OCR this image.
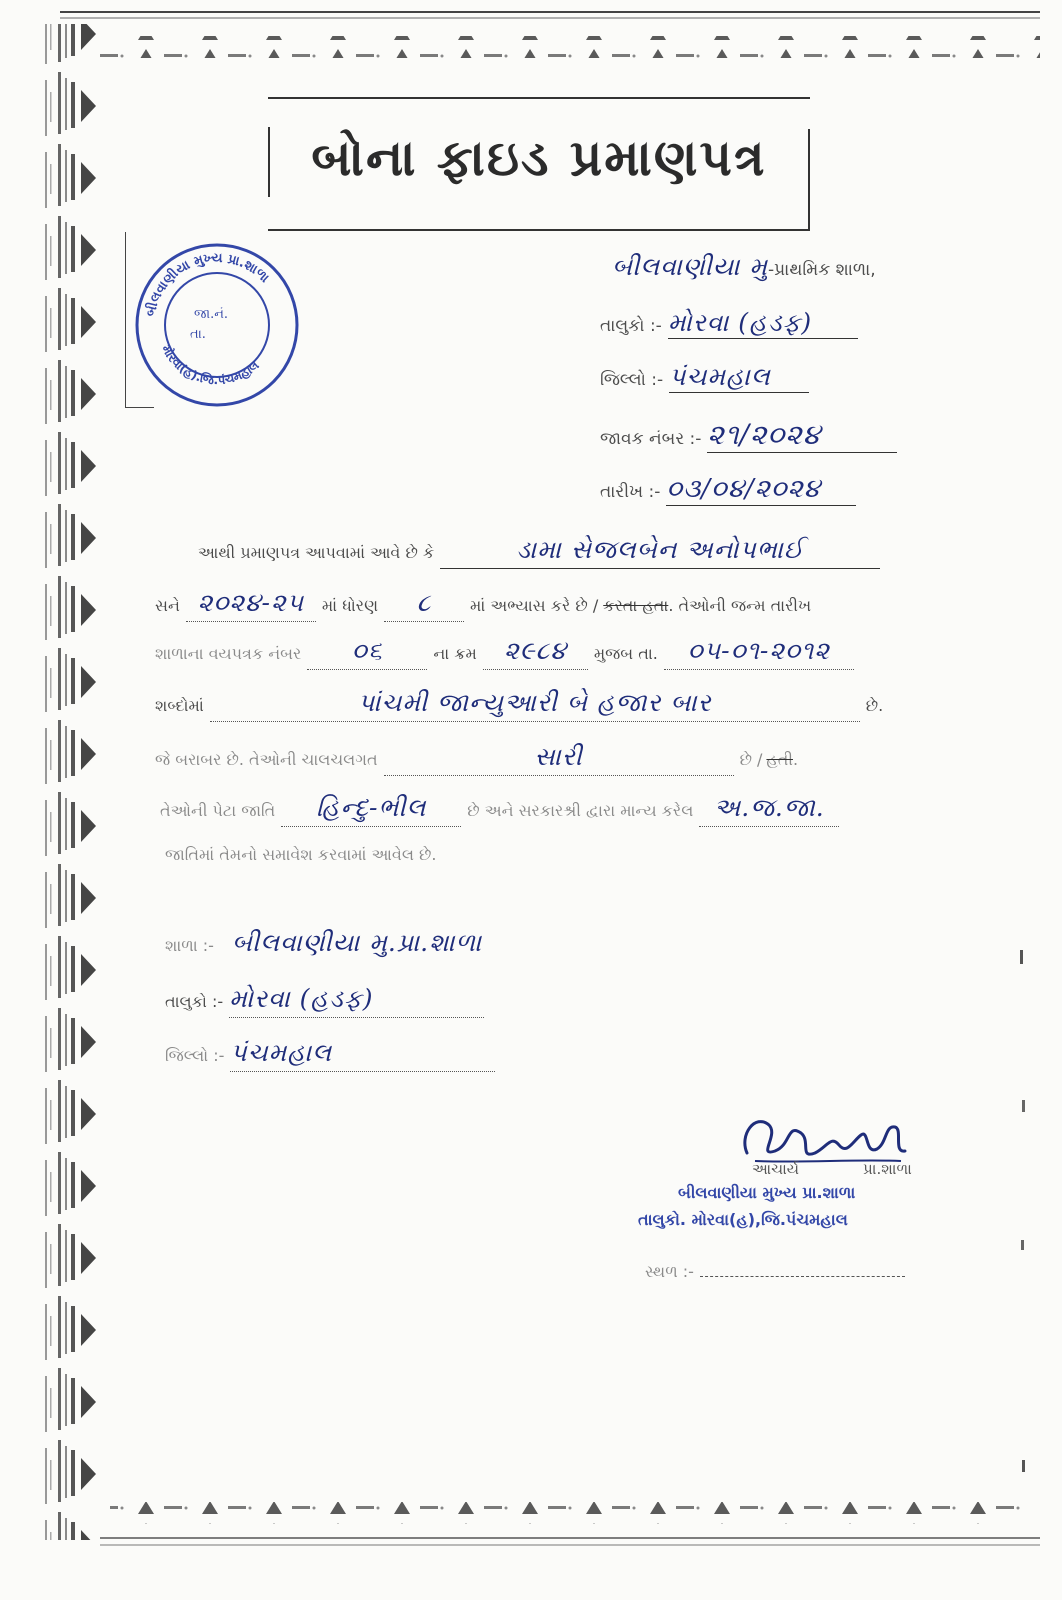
બોના ફાઇડ પ્રમાણપત્ર
બીલવાણીયા મુખ્ય પ્રા.શાળા
મોરવા(હ).જિ.પંચમહાલ
જા.નં.
તા.
બીલવાણીયા મુ -પ્રાથમિક શાળા,
તાલુકો :- મોરવા (હડફ)
જિલ્લો :- પંચમહાલ
જાવક નંબર :- ૨૧/૨૦૨૪
તારીખ :- ૦૩/૦૪/૨૦૨૪
આથી પ્રમાણપત્ર આપવામાં આવે છે કે	ડામા સેજલબેન અનોપભાઈ
સને ૨૦૨૪-૨૫	માં ધોરણ	૮	માં અભ્યાસ કરે છે / કરતા હતા . તેઓની જન્મ તારીખ
શાળાના વયપત્રક નંબર	૦૬	ના ક્રમ	૨૯૮૪	મુજબ તા.	૦૫-૦૧-૨૦૧૨
શબ્દોમાં	પાંચમી જાન્યુઆરી બે હજાર બાર	છે.
જે બરાબર છે. તેઓની ચાલચલગત	સારી	છે / હતી .
તેઓની પેટા જાતિ	હિન્દુ-ભીલ	છે અને સરકારશ્રી દ્વારા માન્ય કરેલ અ.જ.જા.
જાતિમાં તેમનો સમાવેશ કરવામાં આવેલ છે.
શાળા :- બીલવાણીયા મુ.પ્રા.શાળા
તાલુકો :- મોરવા (હડફ)
જિલ્લો :- પંચમહાલ
આચાર્ય	પ્રા.શાળા
બીલવાણીયા મુખ્ય પ્રા.શાળા
તાલુકો. મોરવા(હ),જિ.પંચમહાલ
સ્થળ :-
